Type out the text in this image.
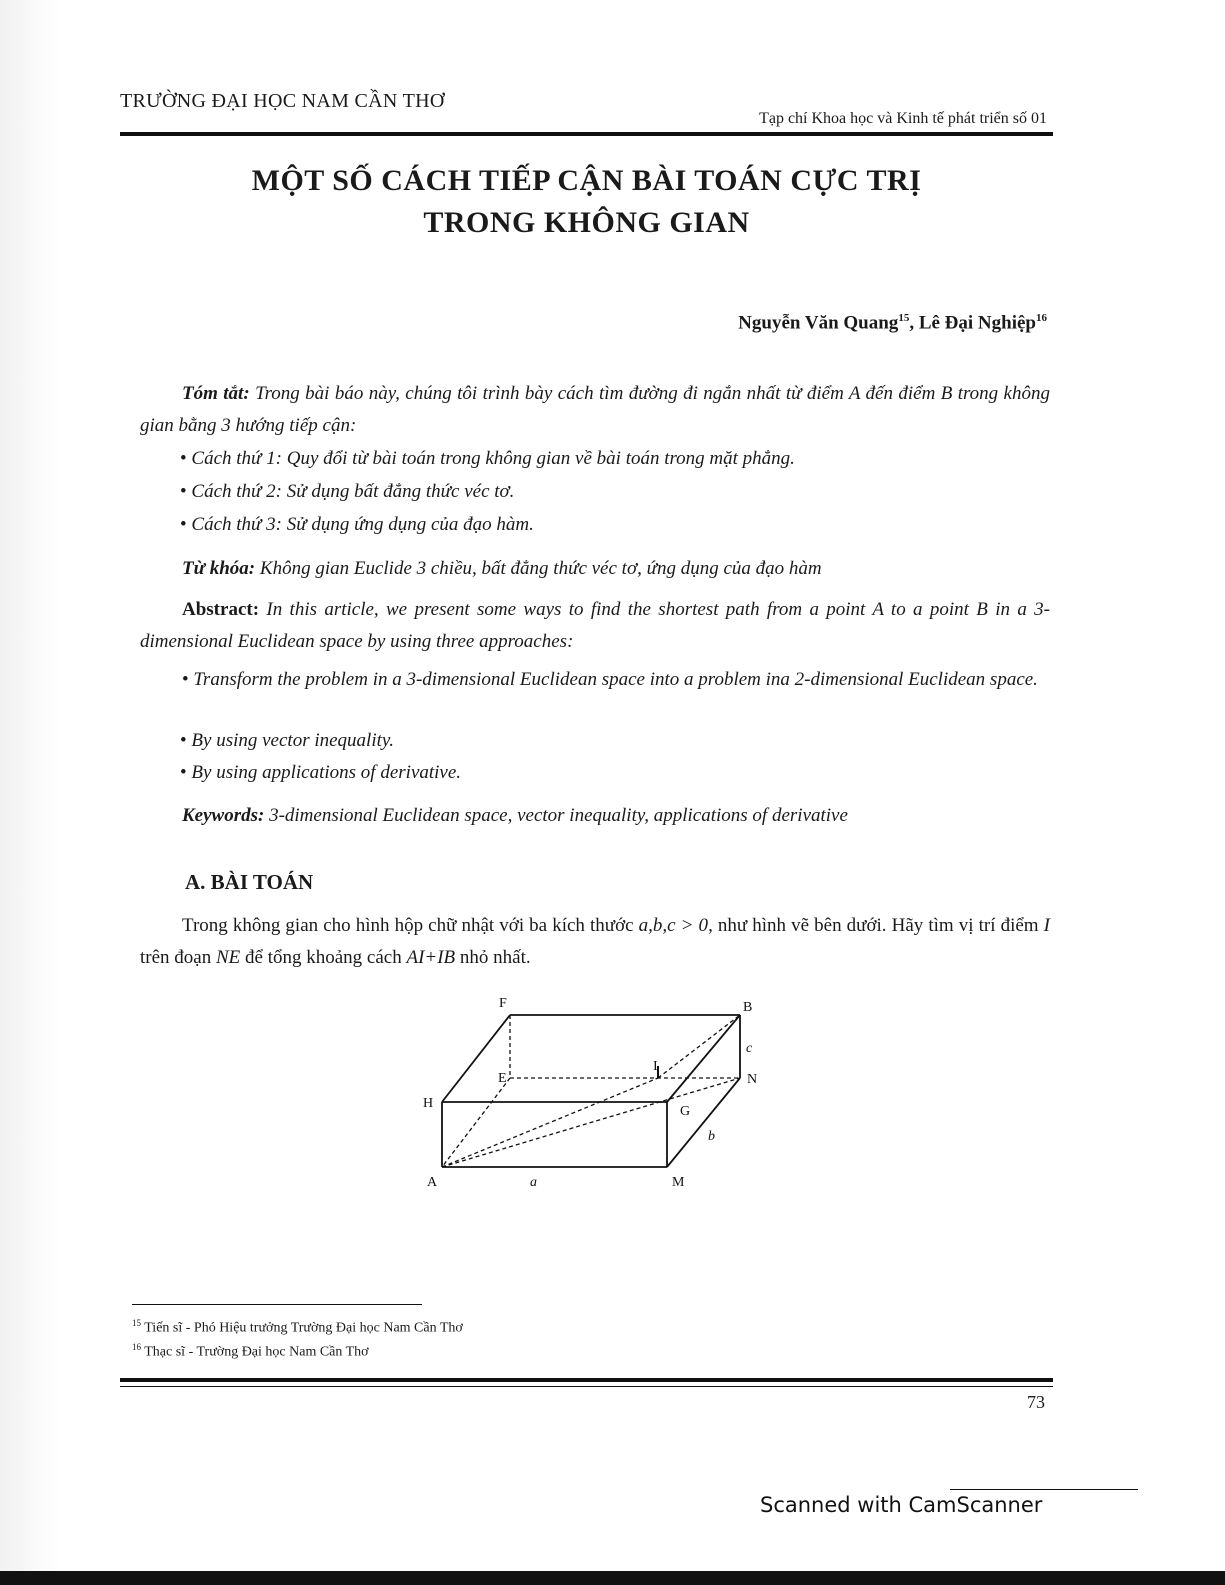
TRƯỜNG ĐẠI HỌC NAM CẦN THƠ
Tạp chí Khoa học và Kinh tế phát triển số 01
MỘT SỐ CÁCH TIẾP CẬN BÀI TOÁN CỰC TRỊ
TRONG KHÔNG GIAN
Nguyễn Văn Quang$^{15}$, Lê Đại Nghiệp$^{16}$
Tóm tắt: Trong bài báo này, chúng tôi trình bày cách tìm đường đi ngắn nhất từ điểm A đến điểm B trong không gian bằng 3 hướng tiếp cận:
• Cách thứ 1: Quy đổi từ bài toán trong không gian về bài toán trong mặt phẳng.
• Cách thứ 2: Sử dụng bất đẳng thức véc tơ.
• Cách thứ 3: Sử dụng ứng dụng của đạo hàm.
Từ khóa: Không gian Euclide 3 chiều, bất đẳng thức véc tơ, ứng dụng của đạo hàm
Abstract: In this article, we present some ways to find the shortest path from a point A to a point B in a 3-dimensional Euclidean space by using three approaches:
• Transform the problem in a 3-dimensional Euclidean space into a problem ina 2-dimensional Euclidean space.
• By using vector inequality.
• By using applications of derivative.
Keywords: 3-dimensional Euclidean space, vector inequality, applications of derivative
A. BÀI TOÁN
Trong không gian cho hình hộp chữ nhật với ba kích thước a,b,c > 0, như hình vẽ bên dưới. Hãy tìm vị trí điểm I trên đoạn NE để tổng khoảng cách AI+IB nhỏ nhất.
F	B
E
I
N
H
G
A	M
a
b
c
$^{15}$ Tiến sĩ - Phó Hiệu trưởng Trường Đại học Nam Cần Thơ
$^{16}$ Thạc sĩ - Trường Đại học Nam Cần Thơ
73
Scanned with CamScanner
